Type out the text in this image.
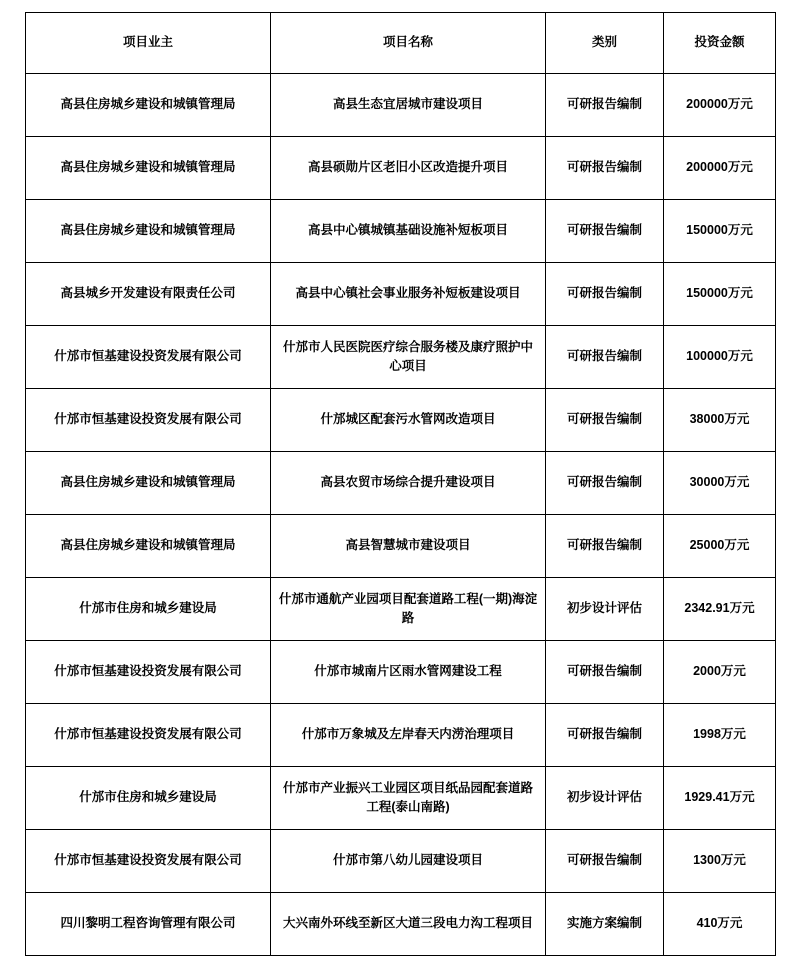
项目业主	项目名称	类别	投资金额
高县住房城乡建设和城镇管理局	高县生态宜居城市建设项目	可研报告编制	200000万元
高县住房城乡建设和城镇管理局	高县硕勋片区老旧小区改造提升项目	可研报告编制	200000万元
高县住房城乡建设和城镇管理局	高县中心镇城镇基础设施补短板项目	可研报告编制	150000万元
高县城乡开发建设有限责任公司	高县中心镇社会事业服务补短板建设项目	可研报告编制	150000万元
什邡市恒基建设投资发展有限公司	什邡市人民医院医疗综合服务楼及康疗照护中心项目	可研报告编制	100000万元
什邡市恒基建设投资发展有限公司	什邡城区配套污水管网改造项目	可研报告编制	38000万元
高县住房城乡建设和城镇管理局	高县农贸市场综合提升建设项目	可研报告编制	30000万元
高县住房城乡建设和城镇管理局	高县智慧城市建设项目	可研报告编制	25000万元
什邡市住房和城乡建设局	什邡市通航产业园项目配套道路工程(一期)海淀路	初步设计评估	2342.91万元
什邡市恒基建设投资发展有限公司	什邡市城南片区雨水管网建设工程	可研报告编制	2000万元
什邡市恒基建设投资发展有限公司	什邡市万象城及左岸春天内涝治理项目	可研报告编制	1998万元
什邡市住房和城乡建设局	什邡市产业振兴工业园区项目纸品园配套道路工程(泰山南路)	初步设计评估	1929.41万元
什邡市恒基建设投资发展有限公司	什邡市第八幼儿园建设项目	可研报告编制	1300万元
四川黎明工程咨询管理有限公司	大兴南外环线至新区大道三段电力沟工程项目	实施方案编制	410万元
